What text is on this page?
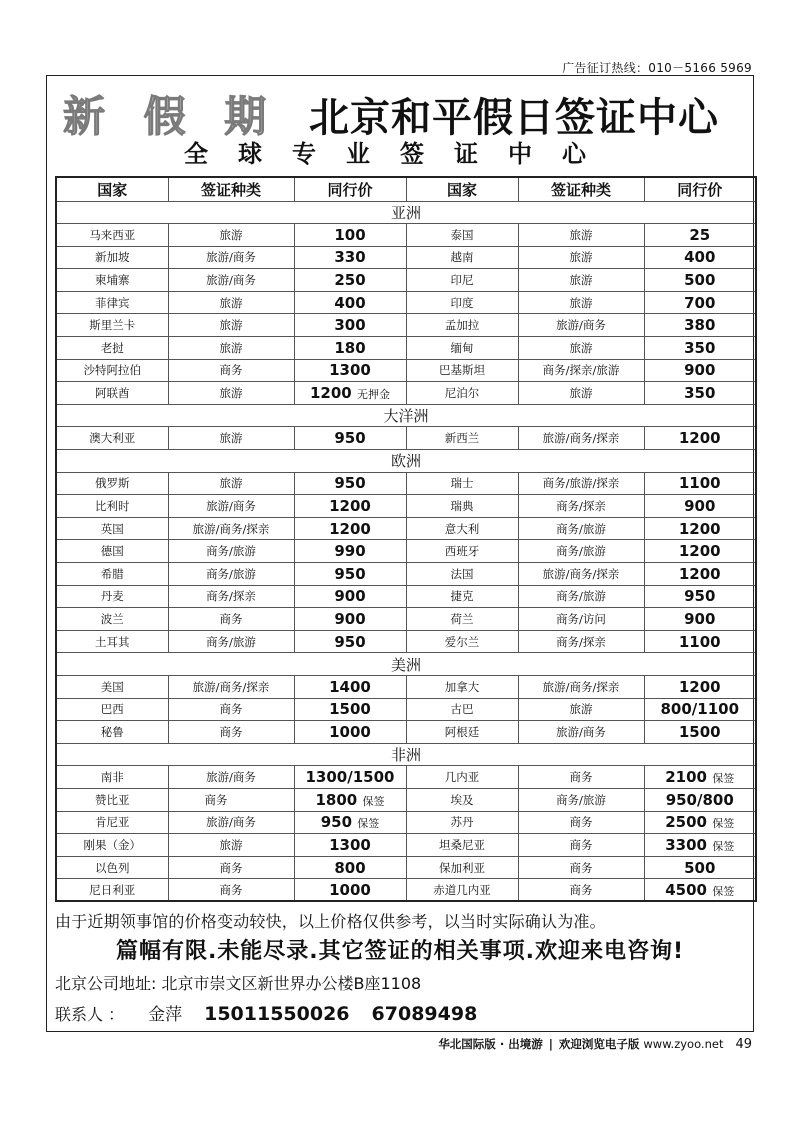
广告征订热线：010－5166 5969
新 假 期 北京和平假日签证中心
全球专业签证中心
国家	签证种类	同行价	国家	签证种类	同行价
亚洲					
马来西亚	旅游	100	泰国	旅游	25
新加坡	旅游/商务	330	越南	旅游	400
柬埔寨	旅游/商务	250	印尼	旅游	500
菲律宾	旅游	400	印度	旅游	700
斯里兰卡	旅游	300	孟加拉	旅游/商务	380
老挝	旅游	180	缅甸	旅游	350
沙特阿拉伯	商务	1300	巴基斯坦	商务/探亲/旅游	900
阿联酋	旅游	1200 无押金	尼泊尔	旅游	350
大洋洲					
澳大利亚	旅游	950	新西兰	旅游/商务/探亲	1200
欧洲					
俄罗斯	旅游	950	瑞士	商务/旅游/探亲	1100
比利时	旅游/商务	1200	瑞典	商务/探亲	900
英国	旅游/商务/探亲	1200	意大利	商务/旅游	1200
德国	商务/旅游	990	西班牙	商务/旅游	1200
希腊	商务/旅游	950	法国	旅游/商务/探亲	1200
丹麦	商务/探亲	900	捷克	商务/旅游	950
波兰	商务	900	荷兰	商务/访问	900
土耳其	商务/旅游	950	爱尔兰	商务/探亲	1100
美洲					
美国	旅游/商务/探亲	1400	加拿大	旅游/商务/探亲	1200
巴西	商务	1500	古巴	旅游	800/1100
秘鲁	商务	1000	阿根廷	旅游/商务	1500
非洲					
南非	旅游/商务	1300/1500	几内亚	商务	2100 保签
赞比亚	商务	1800 保签	埃及	商务/旅游	950/800
肯尼亚	旅游/商务	950 保签	苏丹	商务	2500 保签
刚果（金）	旅游	1300	坦桑尼亚	商务	3300 保签
以色列	商务	800	保加利亚	商务	500
尼日利亚	商务	1000	赤道几内亚	商务	4500 保签
由于近期领事馆的价格变动较快，以上价格仅供参考，以当时实际确认为准。
篇幅有限.未能尽录.其它签证的相关事项.欢迎来电咨询!
北京公司地址: 北京市崇文区新世界办公楼B座1108
联系人 ： 金萍 15011550026 67089498
华北国际版 · 出境游 | 欢迎浏览电子版 www.zyoo.net 49
